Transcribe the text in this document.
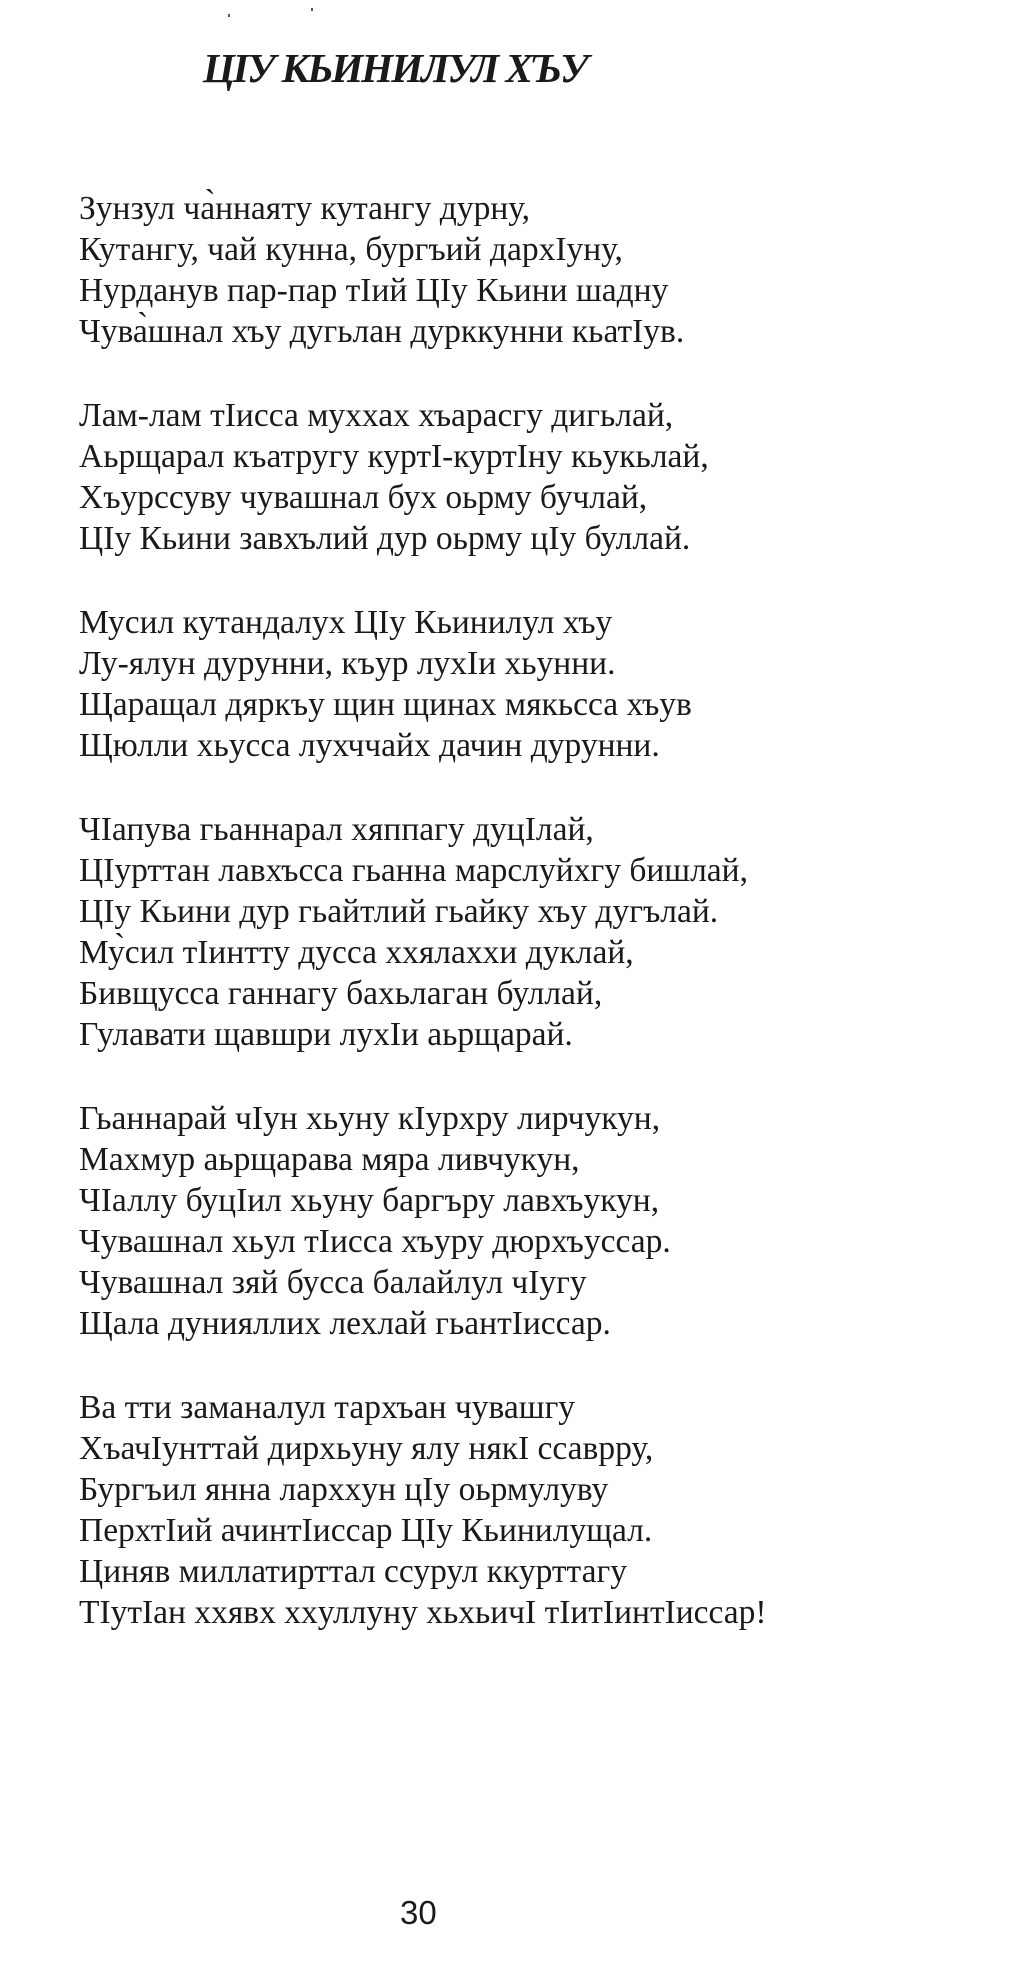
ЦIУ КЬИНИЛУЛ ХЪУ
Зунзул ча̀ннаяту кутангу дурну,
Кутангу, чай кунна, бургъий дархIуну,
Нурданув пар-пар тIий ЦIу Кьини шадну
Чува̀шнал хъу дугьлан дурккунни кьатIув.
Лам-лам тIисса муххах хъарасгу дигьлай,
Аьрщарал къатругу куртI-куртIну кьукьлай,
Хъурссуву чувашнал бух оьрму бучлай,
ЦIу Кьини завхълий дур оьрму цIу буллай.
Мусил кутандалух ЦIу Кьинилул хъу
Лу-ялун дурунни, къур лухIи хьунни.
Щаращал дяркъу щин щинах мякьсса хъув
Щюлли хьусса лухччайх дачин дурунни.
ЧIапува гьаннарал хяппагу дуцIлай,
ЦIурттан лавхъсса гьанна марслуйхгу бишлай,
ЦIу Кьини дур гьайтлий гьайку хъу дугълай.
Му̀сил тIинтту дусса ххялаххи дуклай,
Бивщусса ганнагу бахьлаган буллай,
Гулавати щавшри лухIи аьрщарай.
Гьаннарай чIун хьуну кIурхру лирчукун,
Махмур аьрщарава мяра ливчукун,
ЧIаллу буцIил хьуну баргъру лавхъукун,
Чувашнал хьул тIисса хъуру дюрхъуссар.
Чувашнал зяй бусса балайлул чIугу
Щала дунияллих лехлай гьантIиссар.
Ва тти заманалул тархъан чувашгу
ХъачIунттай дирхьуну ялу някI ссаврру,
Бургъил янна лархxун цIу оьрмулуву
ПерхтIий ачинтIиссар ЦIу Кьинилущал.
Циняв миллатирттал ссурул ккурттагу
ТIутIан ххявх хxуллуну хьхьичI тIитIинтIиссар!
30
